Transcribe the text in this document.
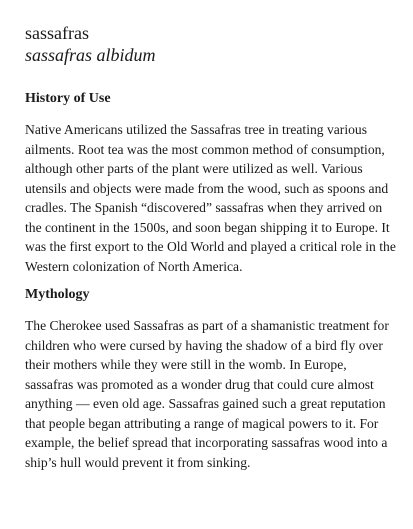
sassafras
sassafras albidum
History of Use

Native Americans utilized the Sassafras tree in treating various ailments. Root tea was the most common method of consumption, although other parts of the plant were utilized as well. Various utensils and objects were made from the wood, such as spoons and cradles. The Spanish “discovered” sassafras when they arrived on the continent in the 1500s, and soon began shipping it to Europe. It was the first export to the Old World and played a critical role in the Western colonization of North America.

Mythology

The Cherokee used Sassafras as part of a shamanistic treatment for children who were cursed by having the shadow of a bird fly over their mothers while they were still in the womb. In Europe, sassafras was promoted as a wonder drug that could cure almost anything — even old age. Sassafras gained such a great reputation that people began attributing a range of magical powers to it. For example, the belief spread that incorporating sassafras wood into a ship’s hull would prevent it from sinking.
